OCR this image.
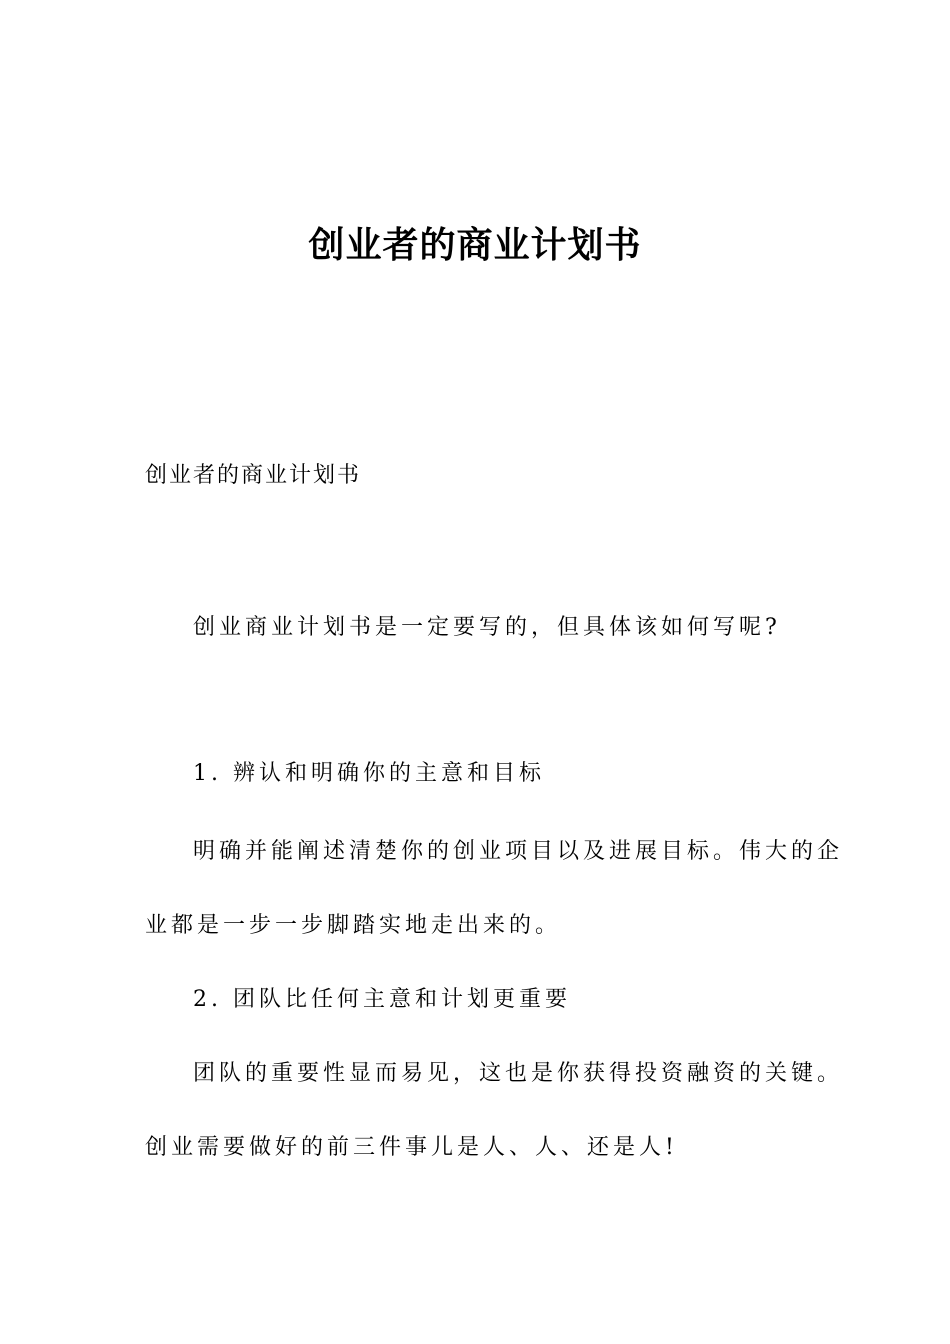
创业者的商业计划书
创业者的商业计划书
创业商业计划书是一定要写的，但具体该如何写呢?
1. 辨认和明确你的主意和目标
明确并能阐述清楚你的创业项目以及进展目标。伟大的企
业都是一步一步脚踏实地走出来的。
2. 团队比任何主意和计划更重要
团队的重要性显而易见，这也是你获得投资融资的关键。
创业需要做好的前三件事儿是人、人、还是人!
